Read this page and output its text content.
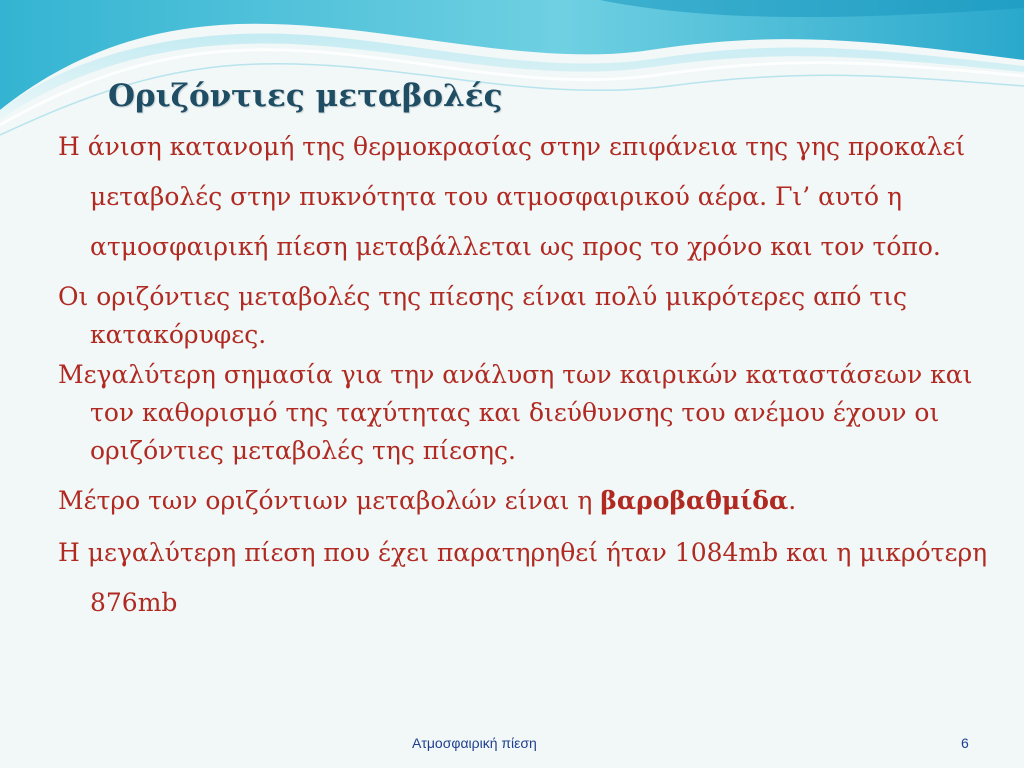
Οριζόντιες μεταβολές

Η άνιση κατανομή της θερμοκρασίας στην επιφάνεια της γης προκαλεί μεταβολές στην πυκνότητα του ατμοσφαιρικού αέρα. Γι’ αυτό η ατμοσφαιρική πίεση μεταβάλλεται ως προς το χρόνο και τον τόπο.

Οι οριζόντιες μεταβολές της πίεσης είναι πολύ μικρότερες από τις κατακόρυφες.

Μεγαλύτερη σημασία για την ανάλυση των καιρικών καταστάσεων και τον καθορισμό της ταχύτητας και διεύθυνσης του ανέμου έχουν οι οριζόντιες μεταβολές της πίεσης.

Μέτρο των οριζόντιων μεταβολών είναι η βαροβαθμίδα.

Η μεγαλύτερη πίεση που έχει παρατηρηθεί ήταν 1084mb και η μικρότερη 876mb

Ατμοσφαιρική πίεση	6
